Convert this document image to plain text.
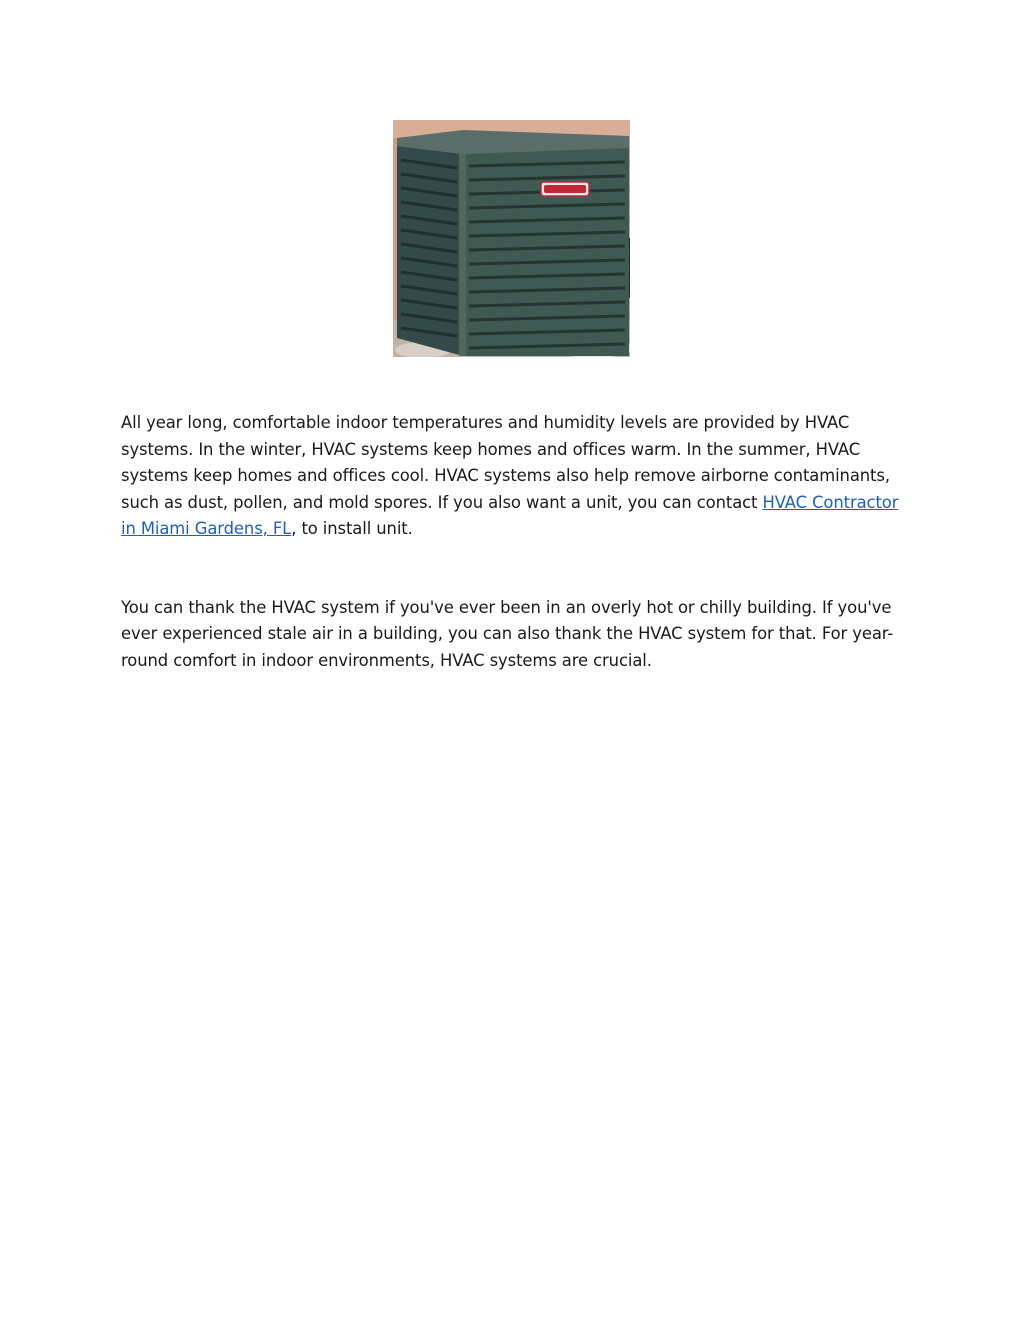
All year long, comfortable indoor temperatures and humidity levels are provided by HVAC systems. In the winter, HVAC systems keep homes and offices warm. In the summer, HVAC systems keep homes and offices cool. HVAC systems also help remove airborne contaminants, such as dust, pollen, and mold spores. If you also want a unit, you can contact HVAC Contractor in Miami Gardens, FL, to install unit.

You can thank the HVAC system if you've ever been in an overly hot or chilly building. If you've ever experienced stale air in a building, you can also thank the HVAC system for that. For year-round comfort in indoor environments, HVAC systems are crucial.
